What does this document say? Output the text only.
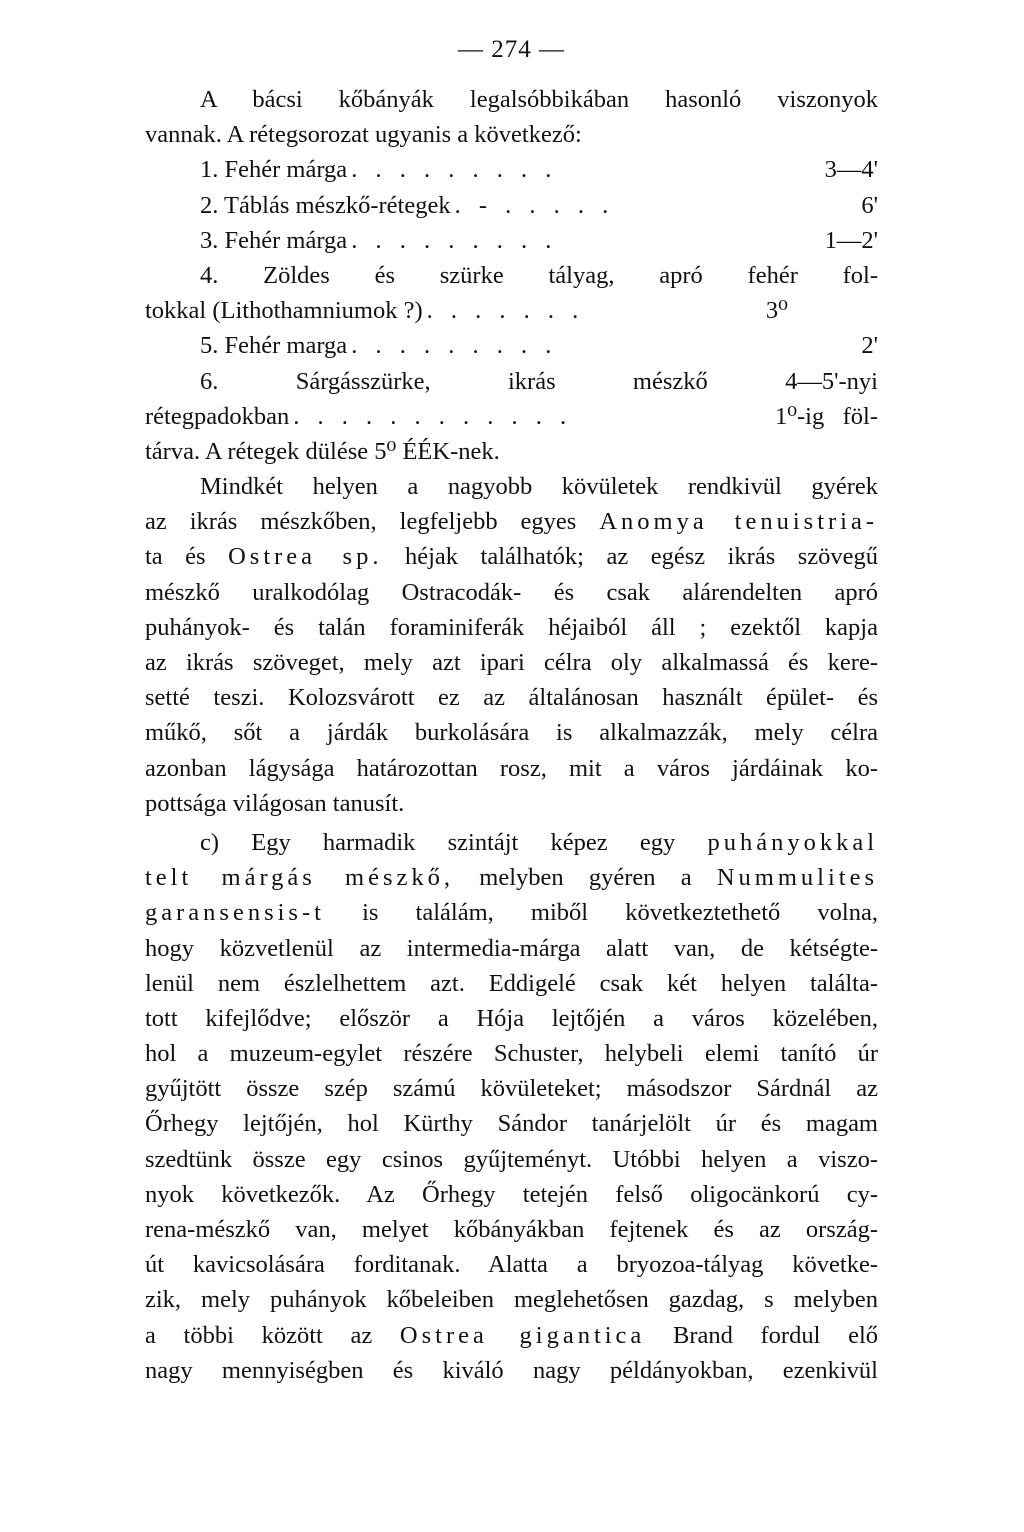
— 274 —
A bácsi kőbányák legalsóbbikában hasonló viszonyok
vannak. A rétegsorozat ugyanis a következő:
1. Fehér márga . . . . . . . . .	3—4'
2. Táblás mészkő-rétegek . - . . . . .	6'
3. Fehér márga . . . . . . . . .	1—2'
4. Zöldes és szürke tályag, apró fehér fol-
tokkal (Lithothamniumok ?) . . . . . . .	3⁰
5. Fehér marga . . . . . . . . .	2'
6. Sárgásszürke, ikrás mészkő 4—5'-nyi
rétegpadokban . . . . . . . . . . . .	1⁰-ig   föl-
tárva. A rétegek dülése 5⁰ ÉÉK-nek.
Mindkét helyen a nagyobb kövületek rendkivül gyérek
az ikrás mészkőben, legfeljebb egyes Anomya tenuistria-
ta és Ostrea sp. héjak találhatók; az egész ikrás szövegű
mészkő uralkodólag Ostracodák- és csak alárendelten apró
puhányok- és talán foraminiferák héjaiból áll ; ezektől kapja
az ikrás szöveget, mely azt ipari célra oly alkalmassá és kere-
setté teszi. Kolozsvárott ez az általánosan használt épület- és
műkő, sőt a járdák burkolására is alkalmazzák, mely célra
azonban lágysága határozottan rosz, mit a város járdáinak ko-
pottsága világosan tanusít.
c) Egy harmadik szintájt képez egy puhányokkal
telt márgás mészkő, melyben gyéren a Nummulites
garansensis-t is találám, miből következtethető volna,
hogy közvetlenül az intermedia-márga alatt van, de kétségte-
lenül nem észlelhettem azt. Eddigelé csak két helyen találta-
tott kifejlődve; először a Hója lejtőjén a város közelében,
hol a muzeum-egylet részére Schuster, helybeli elemi tanító úr
gyűjtött össze szép számú kövületeket; másodszor Sárdnál az
Őrhegy lejtőjén, hol Kürthy Sándor tanárjelölt úr és magam
szedtünk össze egy csinos gyűjteményt. Utóbbi helyen a viszo-
nyok következők. Az Őrhegy tetején felső oligocänkorú cy-
rena-mészkő van, melyet kőbányákban fejtenek és az ország-
út kavicsolására forditanak. Alatta a bryozoa-tályag követke-
zik, mely puhányok kőbeleiben meglehetősen gazdag, s melyben
a többi között az Ostrea gigantica Brand fordul elő
nagy mennyiségben és kiváló nagy példányokban, ezenkivül
